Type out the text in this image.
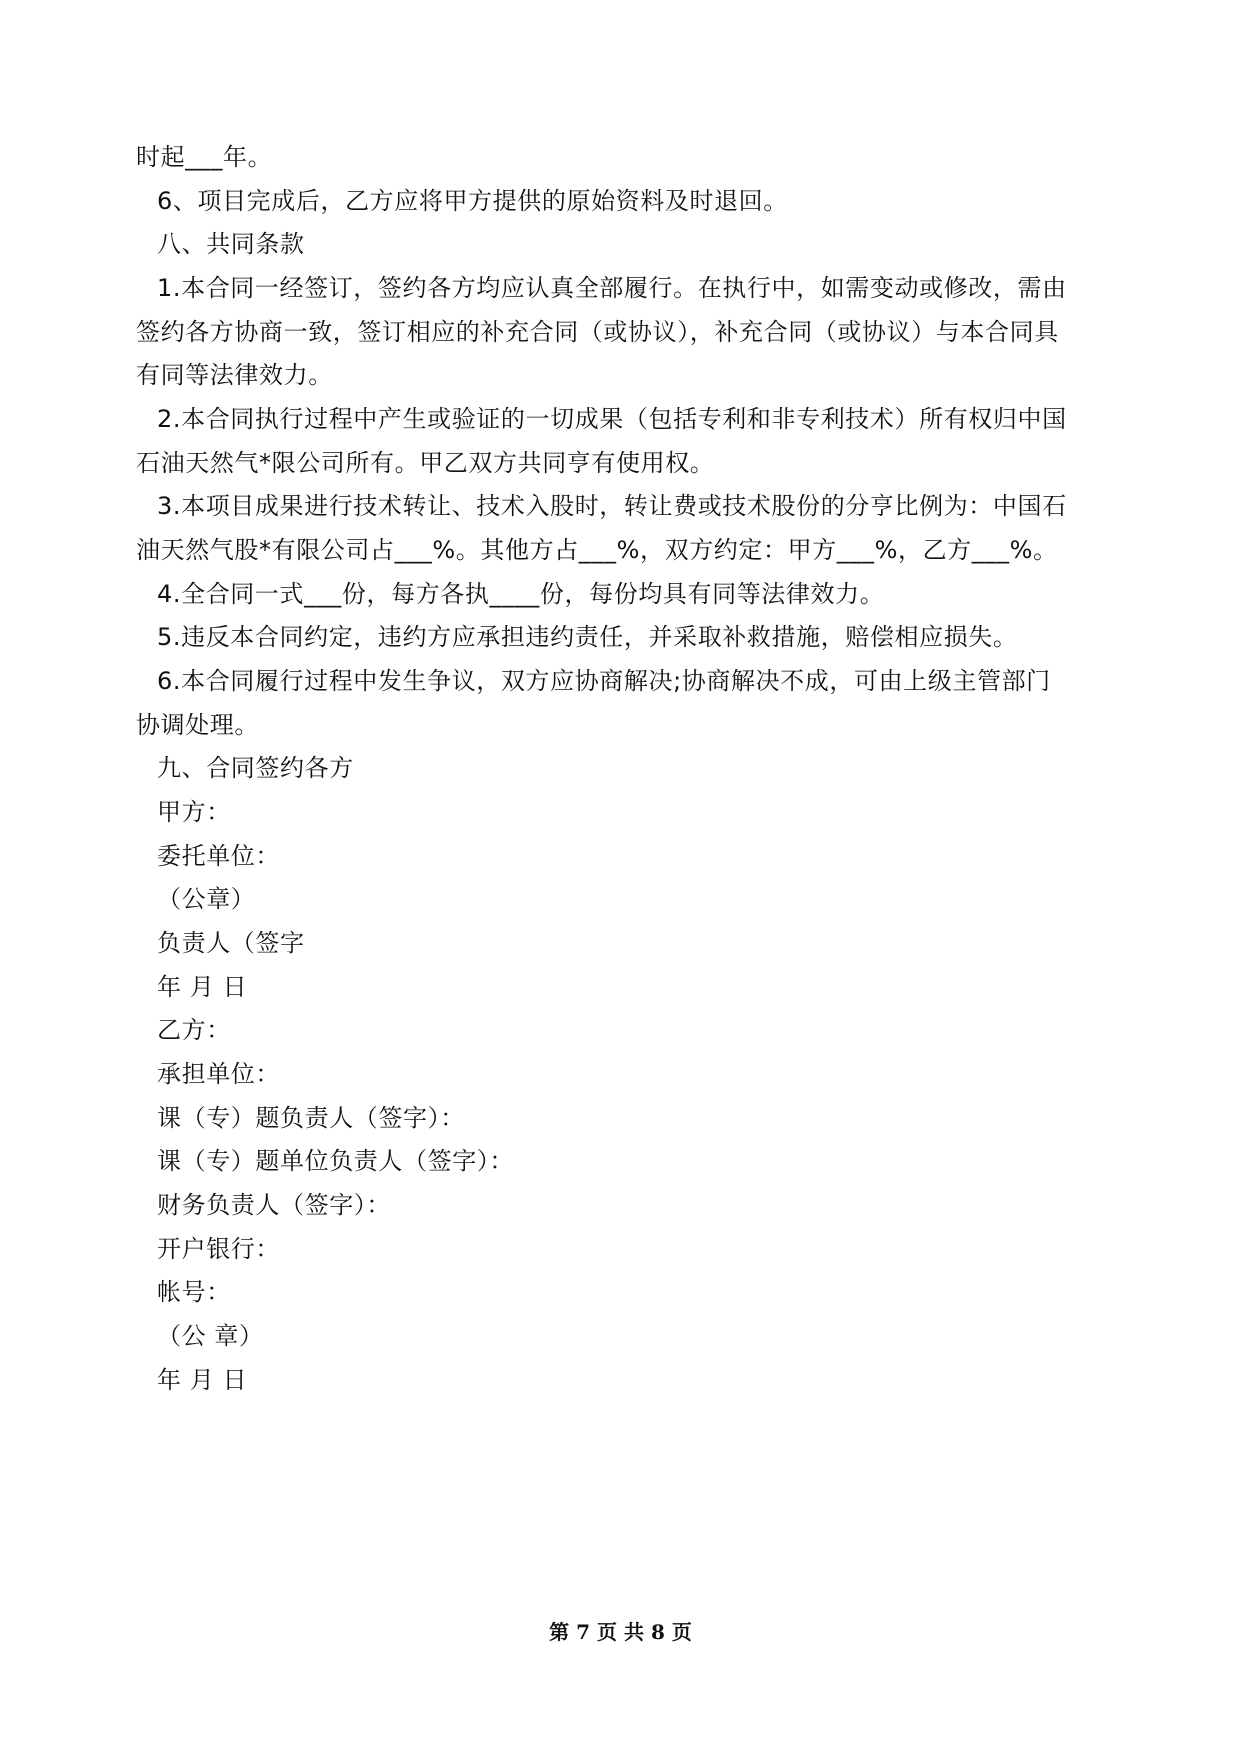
时起___年。
6、项目完成后，乙方应将甲方提供的原始资料及时退回。
八、共同条款
1.本合同一经签订，签约各方均应认真全部履行。在执行中，如需变动或修改，需由
签约各方协商一致，签订相应的补充合同（或协议），补充合同（或协议）与本合同具
有同等法律效力。
2.本合同执行过程中产生或验证的一切成果（包括专利和非专利技术）所有权归中国
石油天然气*限公司所有。甲乙双方共同亨有使用权。
3.本项目成果进行技术转让、技术入股时，转让费或技术股份的分亨比例为：中国石
油天然气股*有限公司占___%。其他方占___%，双方约定：甲方___%，乙方___%。
4.全合同一式___份，每方各执____份，每份均具有同等法律效力。
5.违反本合同约定，违约方应承担违约责任，并采取补救措施，赔偿相应损失。
6.本合同履行过程中发生争议，双方应协商解决;协商解决不成，可由上级主管部门
协调处理。
九、合同签约各方
甲方：
委托单位：
（公章）
负责人（签字
年 月 日
乙方：
承担单位：
课（专）题负责人（签字）：
课（专）题单位负责人（签字）：
财务负责人（签字）：
开户银行：
帐号：
（公 章）
年 月 日
第 7 页 共 8 页
